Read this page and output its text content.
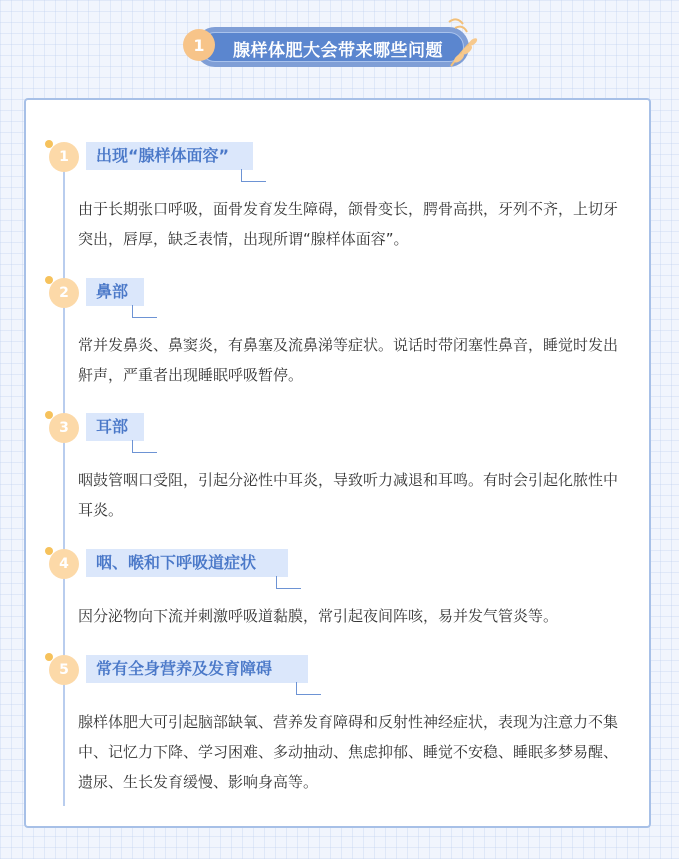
1	腺样体肥大会带来哪些问题
1	出现“腺样体面容”

由于长期张口呼吸，面骨发育发生障碍，颌骨变长，腭骨高拱，牙列不齐，上切牙突出，唇厚，缺乏表情，出现所谓“腺样体面容”。

2	鼻部

常并发鼻炎、鼻窦炎，有鼻塞及流鼻涕等症状。说话时带闭塞性鼻音，睡觉时发出鼾声，严重者出现睡眠呼吸暂停。

3	耳部

咽鼓管咽口受阻，引起分泌性中耳炎，导致听力减退和耳鸣。有时会引起化脓性中耳炎。

4	咽、喉和下呼吸道症状

因分泌物向下流并刺激呼吸道黏膜，常引起夜间阵咳，易并发气管炎等。

5	常有全身营养及发育障碍

腺样体肥大可引起脑部缺氧、营养发育障碍和反射性神经症状，表现为注意力不集中、记忆力下降、学习困难、多动抽动、焦虑抑郁、睡觉不安稳、睡眠多梦易醒、遗尿、生长发育缓慢、影响身高等。
